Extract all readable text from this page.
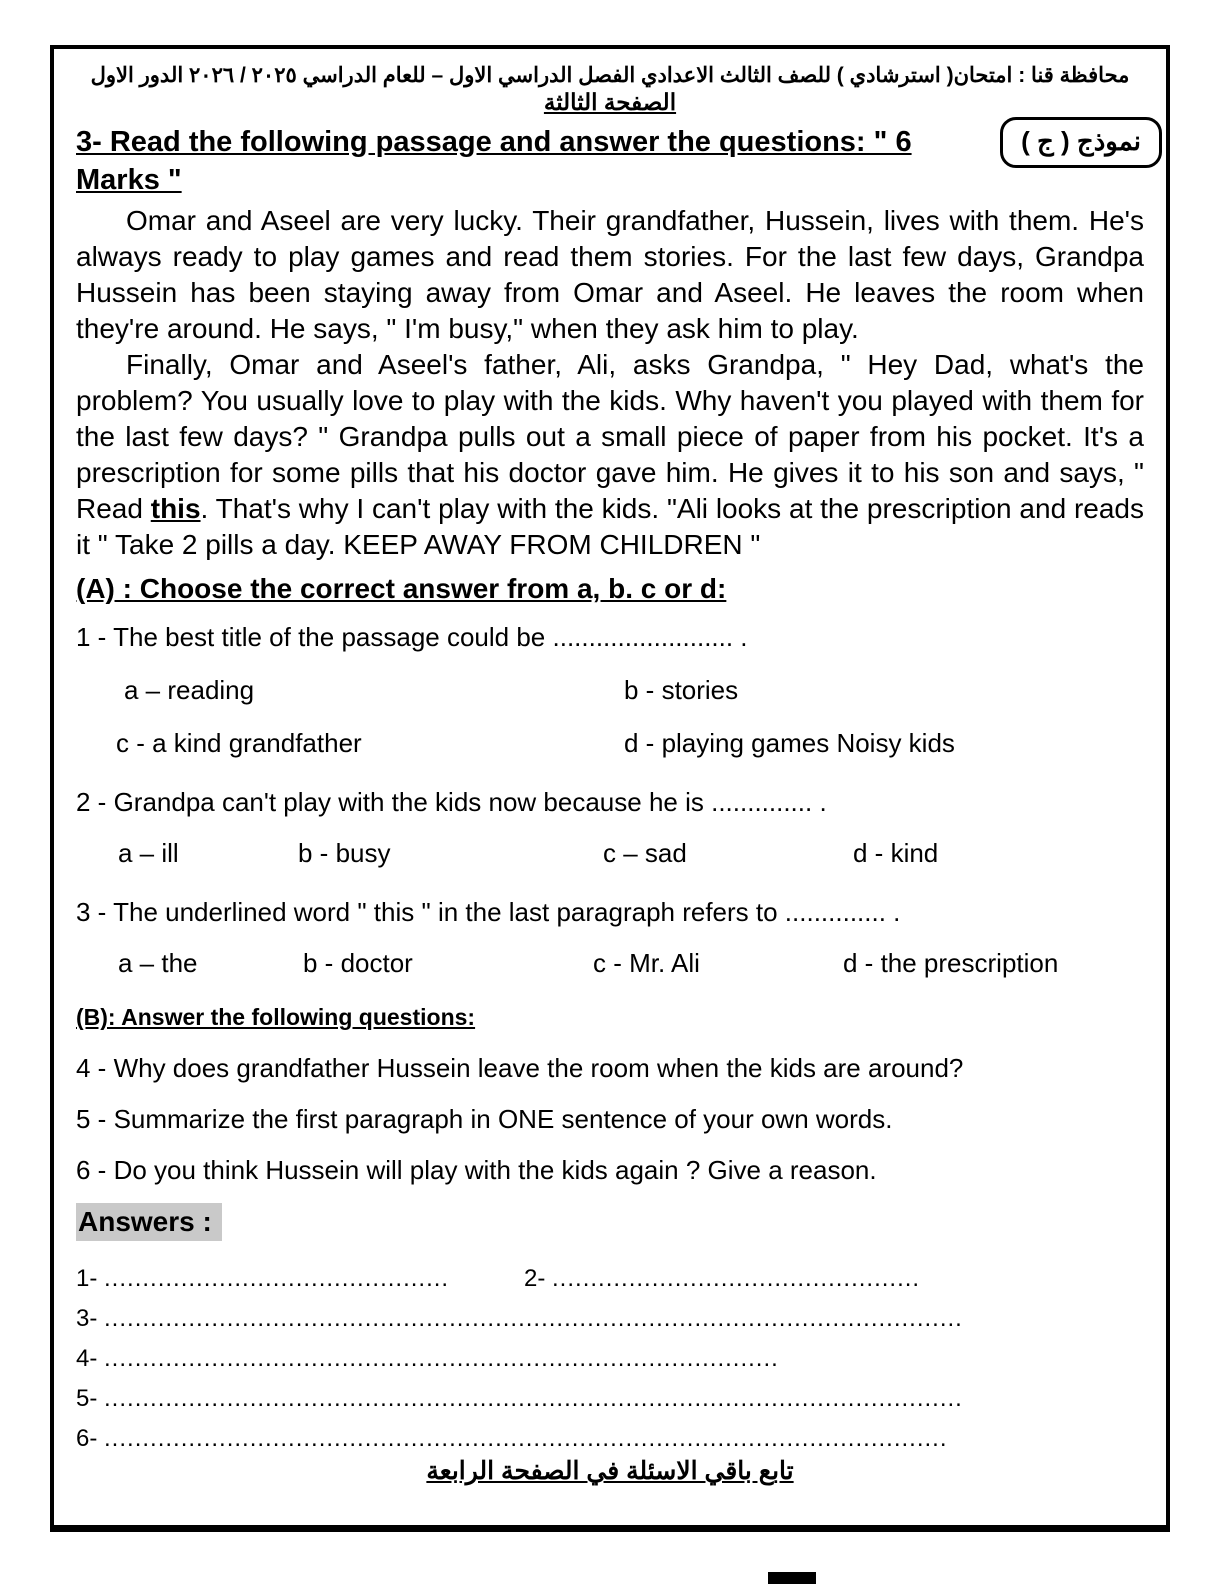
محافظة قنا : امتحان( استرشادي ) للصف الثالث الاعدادي الفصل الدراسي الاول – للعام الدراسي ٢٠٢٥ / ٢٠٢٦ الدور الاول
الصفحة الثالثة
نموذج ( ج )
3- Read the following passage and answer the questions: " 6 Marks "

Omar and Aseel are very lucky. Their grandfather, Hussein, lives with them. He's always ready to play games and read them stories. For the last few days, Grandpa Hussein has been staying away from Omar and Aseel. He leaves the room when they're around. He says, " I'm busy," when they ask him to play.

Finally, Omar and Aseel's father, Ali, asks Grandpa, " Hey Dad, what's the problem? You usually love to play with the kids. Why haven't you played with them for the last few days? " Grandpa pulls out a small piece of paper from his pocket. It's a prescription for some pills that his doctor gave him. He gives it to his son and says, " Read this. That's why I can't play with the kids. "Ali looks at the prescription and reads it " Take 2 pills a day. KEEP AWAY FROM CHILDREN "

(A) : Choose the correct answer from a, b. c or d:
1 - The best title of the passage could be ......................... .
a – reading	b - stories
c - a kind grandfather	d - playing games Noisy kids
2 - Grandpa can't play with the kids now because he is .............. .
a – ill	b - busy	c – sad	d - kind
3 - The underlined word " this " in the last paragraph refers to .............. .
a – the	b - doctor	c - Mr. Ali	d - the prescription
(B): Answer the following questions:
4 - Why does grandfather Hussein leave the room when the kids are around?
5 - Summarize the first paragraph in ONE sentence of your own words.
6 - Do you think Hussein will play with the kids again ? Give a reason.
Answers :
1- .............................................	2- ................................................
3- ................................................................................................................
4- ........................................................................................
5- ................................................................................................................
6- ..............................................................................................................
تابع باقي الاسئلة في الصفحة الرابعة
